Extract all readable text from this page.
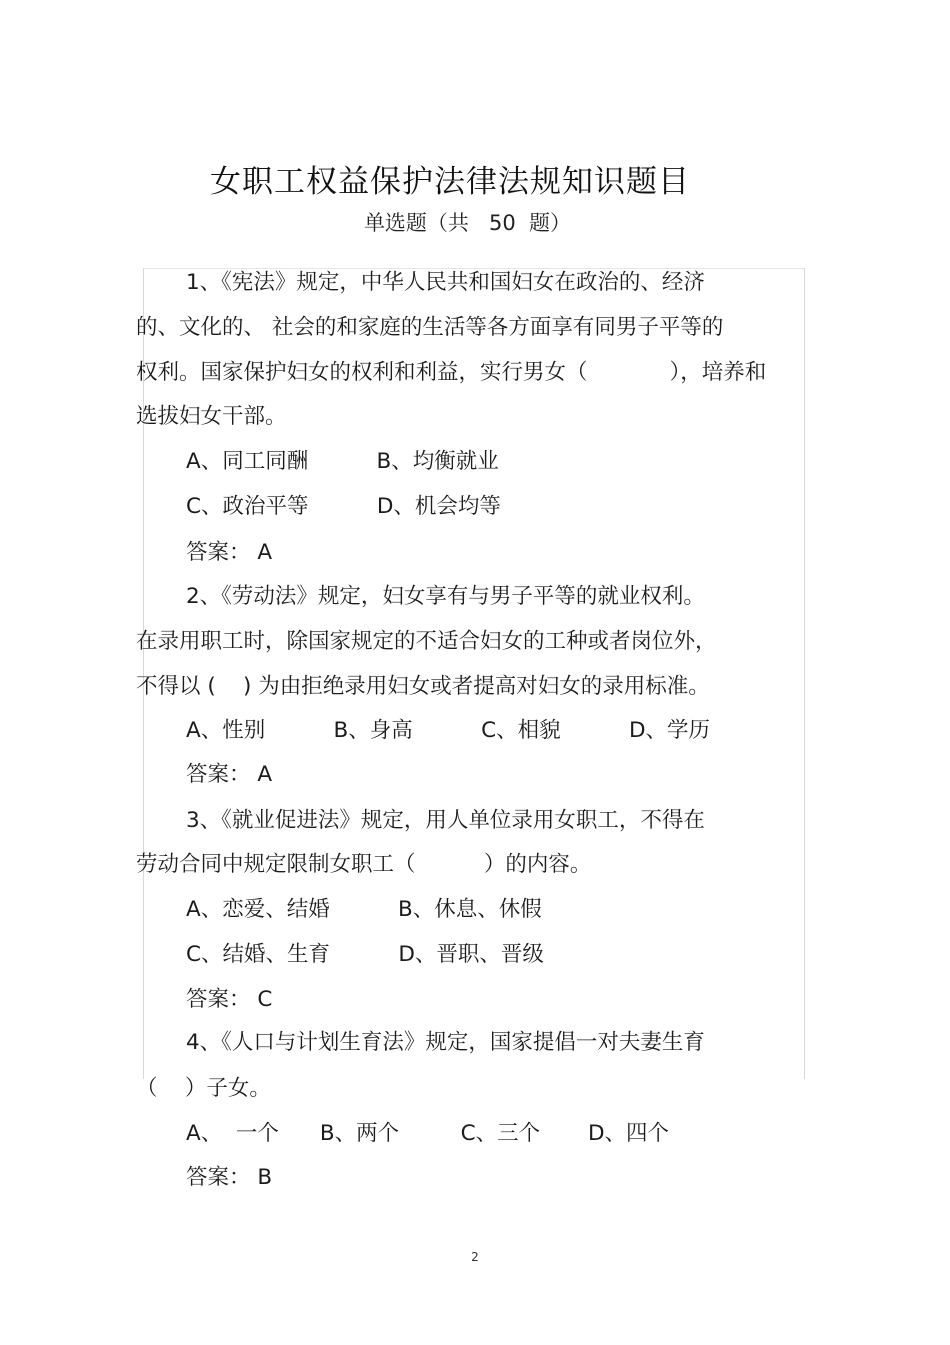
女职工权益保护法律法规知识题目
单选题（共   50  题）
1、《宪法》规定，中华人民共和国妇女在政治的、经济
的、文化的、 社会的和家庭的生活等各方面享有同男子平等的
权利。国家保护妇女的权利和利益，实行男女（            ），培养和
选拔妇女干部。
A、同工同酬          B、均衡就业
C、政治平等          D、机会均等
答案： A
2、《劳动法》规定，妇女享有与男子平等的就业权利。
在录用职工时，除国家规定的不适合妇女的工种或者岗位外，
不得以 (    ) 为由拒绝录用妇女或者提高对妇女的录用标准。
A、性别          B、身高          C、相貌          D、学历
答案： A
3、《就业促进法》规定，用人单位录用女职工，不得在
劳动合同中规定限制女职工（          ）的内容。
A、恋爱、结婚          B、休息、休假
C、结婚、生育          D、晋职、晋级
答案： C
4、《人口与计划生育法》规定，国家提倡一对夫妻生育
（    ）子女。
A、  一个      B、两个         C、三个       D、四个
答案： B
2
